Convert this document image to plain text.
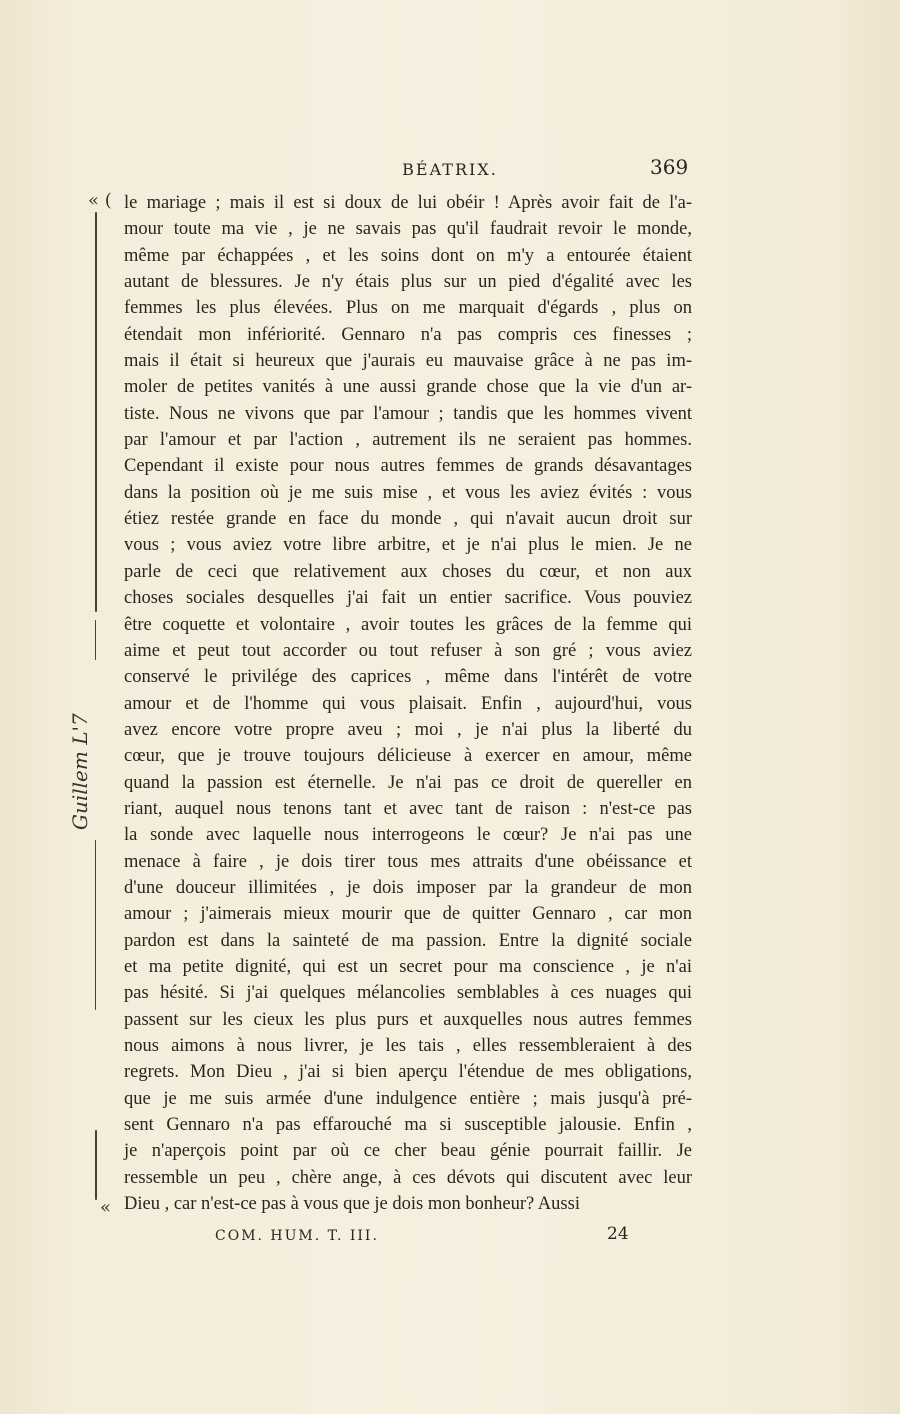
BÉATRIX.	369
« (
Guillem L'7
«
le mariage ; mais il est si doux de lui obéir ! Après avoir fait de l'a-
mour toute ma vie , je ne savais pas qu'il faudrait revoir le monde,
même par échappées , et les soins dont on m'y a entourée étaient
autant de blessures. Je n'y étais plus sur un pied d'égalité avec les
femmes les plus élevées. Plus on me marquait d'égards , plus on
étendait mon infériorité. Gennaro n'a pas compris ces finesses ;
mais il était si heureux que j'aurais eu mauvaise grâce à ne pas im-
moler de petites vanités à une aussi grande chose que la vie d'un ar-
tiste. Nous ne vivons que par l'amour ; tandis que les hommes vivent
par l'amour et par l'action , autrement ils ne seraient pas hommes.
Cependant il existe pour nous autres femmes de grands désavantages
dans la position où je me suis mise , et vous les aviez évités : vous
étiez restée grande en face du monde , qui n'avait aucun droit sur
vous ; vous aviez votre libre arbitre, et je n'ai plus le mien. Je ne
parle de ceci que relativement aux choses du cœur, et non aux
choses sociales desquelles j'ai fait un entier sacrifice. Vous pouviez
être coquette et volontaire , avoir toutes les grâces de la femme qui
aime et peut tout accorder ou tout refuser à son gré ; vous aviez
conservé le privilége des caprices , même dans l'intérêt de votre
amour et de l'homme qui vous plaisait. Enfin , aujourd'hui, vous
avez encore votre propre aveu ; moi , je n'ai plus la liberté du
cœur, que je trouve toujours délicieuse à exercer en amour, même
quand la passion est éternelle. Je n'ai pas ce droit de quereller en
riant, auquel nous tenons tant et avec tant de raison : n'est-ce pas
la sonde avec laquelle nous interrogeons le cœur? Je n'ai pas une
menace à faire , je dois tirer tous mes attraits d'une obéissance et
d'une douceur illimitées , je dois imposer par la grandeur de mon
amour ; j'aimerais mieux mourir que de quitter Gennaro , car mon
pardon est dans la sainteté de ma passion. Entre la dignité sociale
et ma petite dignité, qui est un secret pour ma conscience , je n'ai
pas hésité. Si j'ai quelques mélancolies semblables à ces nuages qui
passent sur les cieux les plus purs et auxquelles nous autres femmes
nous aimons à nous livrer, je les tais , elles ressembleraient à des
regrets. Mon Dieu , j'ai si bien aperçu l'étendue de mes obligations,
que je me suis armée d'une indulgence entière ; mais jusqu'à pré-
sent Gennaro n'a pas effarouché ma si susceptible jalousie. Enfin ,
je n'aperçois point par où ce cher beau génie pourrait faillir. Je
ressemble un peu , chère ange, à ces dévots qui discutent avec leur
Dieu , car n'est-ce pas à vous que je dois mon bonheur? Aussi
COM. HUM. T. III.	24
